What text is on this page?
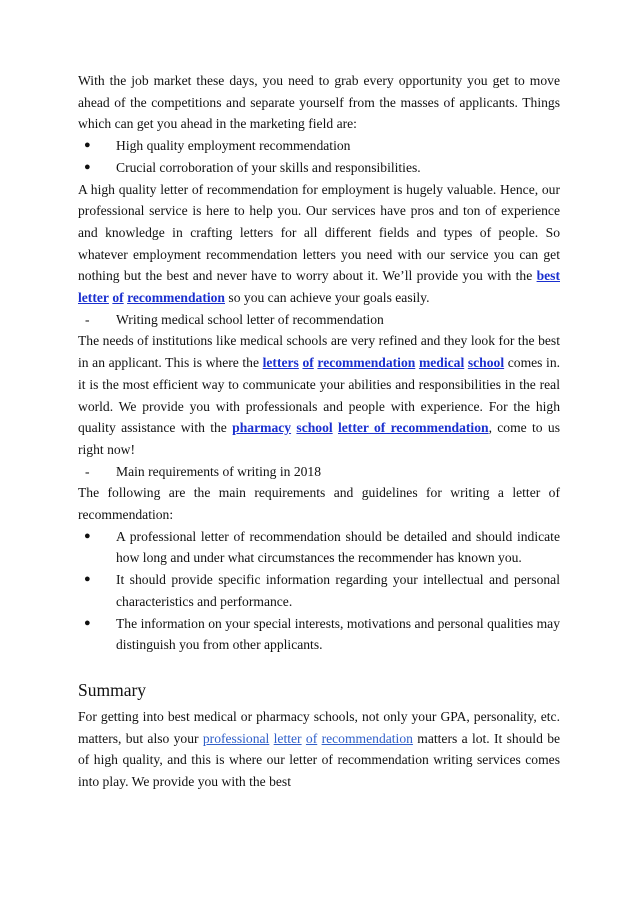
With the job market these days, you need to grab every opportunity you get to move ahead of the competitions and separate yourself from the masses of applicants. Things which can get you ahead in the marketing field are:

● High quality employment recommendation
● Crucial corroboration of your skills and responsibilities.

A high quality letter of recommendation for employment is hugely valuable. Hence, our professional service is here to help you. Our services have pros and ton of experience and knowledge in crafting letters for all different fields and types of people. So whatever employment recommendation letters you need with our service you can get nothing but the best and never have to worry about it. We’ll provide you with the best letter of recommendation so you can achieve your goals easily.

- Writing medical school letter of recommendation

The needs of institutions like medical schools are very refined and they look for the best in an applicant. This is where the letters of recommendation medical school comes in. it is the most efficient way to communicate your abilities and responsibilities in the real world. We provide you with professionals and people with experience. For the high quality assistance with the pharmacy school letter of recommendation, come to us right now!

- Main requirements of writing in 2018

The following are the main requirements and guidelines for writing a letter of recommendation:

● A professional letter of recommendation should be detailed and should indicate how long and under what circumstances the recommender has known you.
● It should provide specific information regarding your intellectual and personal characteristics and performance.
● The information on your special interests, motivations and personal qualities may distinguish you from other applicants.
Summary

For getting into best medical or pharmacy schools, not only your GPA, personality, etc. matters, but also your professional letter of recommendation matters a lot. It should be of high quality, and this is where our letter of recommendation writing services comes into play. We provide you with the best
